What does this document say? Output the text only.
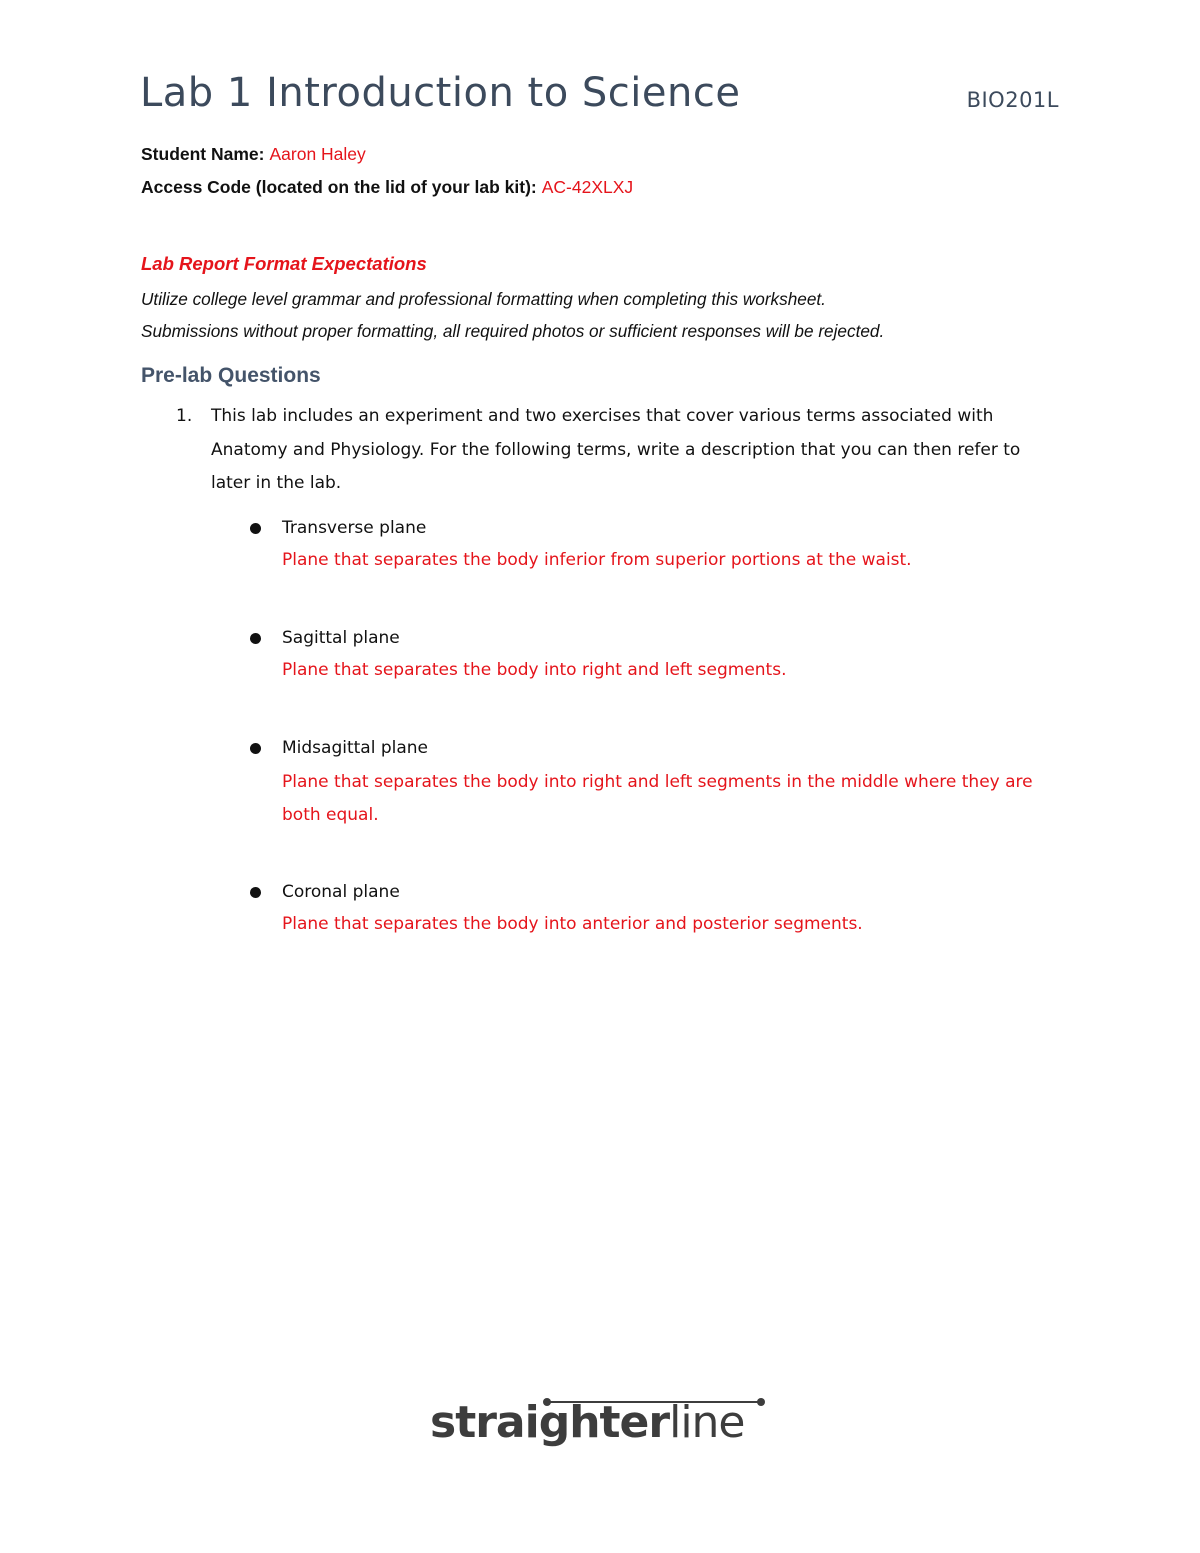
Lab 1 Introduction to Science	BIO201L
Student Name: Aaron Haley
Access Code (located on the lid of your lab kit): AC-42XLXJ
Lab Report Format Expectations
Utilize college level grammar and professional formatting when completing this worksheet.
Submissions without proper formatting, all required photos or sufficient responses will be rejected.
Pre-lab Questions
1. This lab includes an experiment and two exercises that cover various terms associated with Anatomy and Physiology. For the following terms, write a description that you can then refer to later in the lab.
Transverse plane
Plane that separates the body inferior from superior portions at the waist.
Sagittal plane
Plane that separates the body into right and left segments.
Midsagittal plane
Plane that separates the body into right and left segments in the middle where they are both equal.
Coronal plane
Plane that separates the body into anterior and posterior segments.
straighterline
